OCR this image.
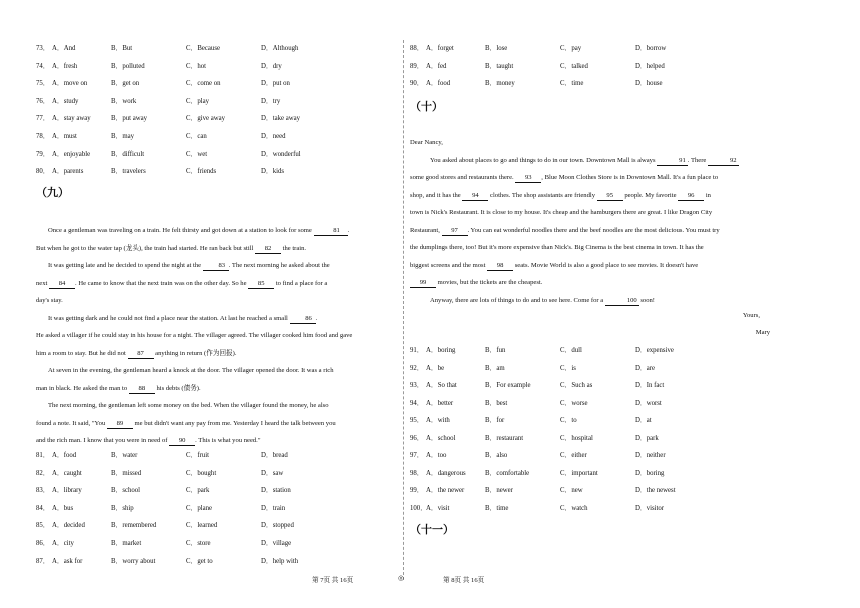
73． A．And	B．But	C．Because	D．Although
74． A．fresh	B．polluted	C．hot	D．dry
75． A．move on	B．get on	C．come on	D．put on
76． A．study	B．work	C．play	D．try
77． A．stay away	B．put away	C．give away	D．take away
78． A．must	B．may	C．can	D．need
79． A．enjoyable	B．difficult	C．wet	D．wonderful
80． A．parents	B．travelers	C．friends	D．kids
（九）
Once a gentleman was traveling on a train. He felt thirsty and got down at a station to look for some	81 .
But when he got to the water tap (龙头), the train had started. He ran back but still 82 the train.
It was getting late and he decided to spend the night at the 83 . The next morning he asked about the
next 84 . He came to know that the next train was on the other day. So he 85 to find a place for a
day's stay.
It was getting dark and he could not find a place near the station. At last he reached a small 86 .
He asked a villager if he could stay in his house for a night. The villager agreed. The villager cooked him food and gave
him a room to stay. But he did not 87 anything in return (作为回报).
At seven in the evening, the gentleman heard a knock at the door. The villager opened the door. It was a rich
man in black. He asked the man to 88 his debts (债务).
The next morning, the gentleman left some money on the bed. When the villager found the money, he also
found a note. It said, "You 89 me but didn't want any pay from me. Yesterday I heard the talk between you
and the rich man. I know that you were in need of 90 . This is what you need."
81． A．food	B．water	C．fruit	D．bread
82． A．caught	B．missed	C．bought	D．saw
83． A．library	B．school	C．park	D．station
84． A．bus	B．ship	C．plane	D．train
85． A．decided	B．remembered	C．learned	D．stopped
86． A．city	B．market	C．store	D．village
87． A．ask for	B．worry about	C．get to	D．help with
88． A．forget	B．lose	C．pay	D．borrow
89． A．fed	B．taught	C．talked	D．helped
90． A．food	B．money	C．time	D．house
（十）
Dear Nancy,
You asked about places to go and things to do in our town. Downtown Mall is always	91 . There	92
some good stores and restaurants there. 93 , Blue Moon Clothes Store is in Downtown Mall. It's a fun place to
shop, and it has the 94 clothes. The shop assistants are friendly 95 people. My favorite 96 in
town is Nick's Restaurant. It is close to my house. It's cheap and the hamburgers there are great. I like Dragon City
Restaurant, 97 . You can eat wonderful noodles there and the beef noodles are the most delicious. You must try
the dumplings there, too! But it's more expensive than Nick's. Big Cinema is the best cinema in town. It has the
biggest screens and the most 98 seats. Movie World is also a good place to see movies. It doesn't have
99 movies, but the tickets are the cheapest.
Anyway, there are lots of things to do and to see here. Come for a	100 soon!
Yours,
Mary
91． A．boring	B．fun	C．dull	D．expensive
92． A．be	B．am	C．is	D．are
93． A．So that	B．For example	C．Such as	D．In fact
94． A．better	B．best	C．worse	D．worst
95． A．with	B．for	C．to	D．at
96． A．school	B．restaurant	C．hospital	D．park
97． A．too	B．also	C．either	D．neither
98． A．dangerous	B．comfortable	C．important	D．boring
99． A．the newer	B．newer	C．new	D．the newest
100． A．visit	B．time	C．watch	D．visitor
（十一）
第 7页 共 16页	◎	第 8页 共 16页
